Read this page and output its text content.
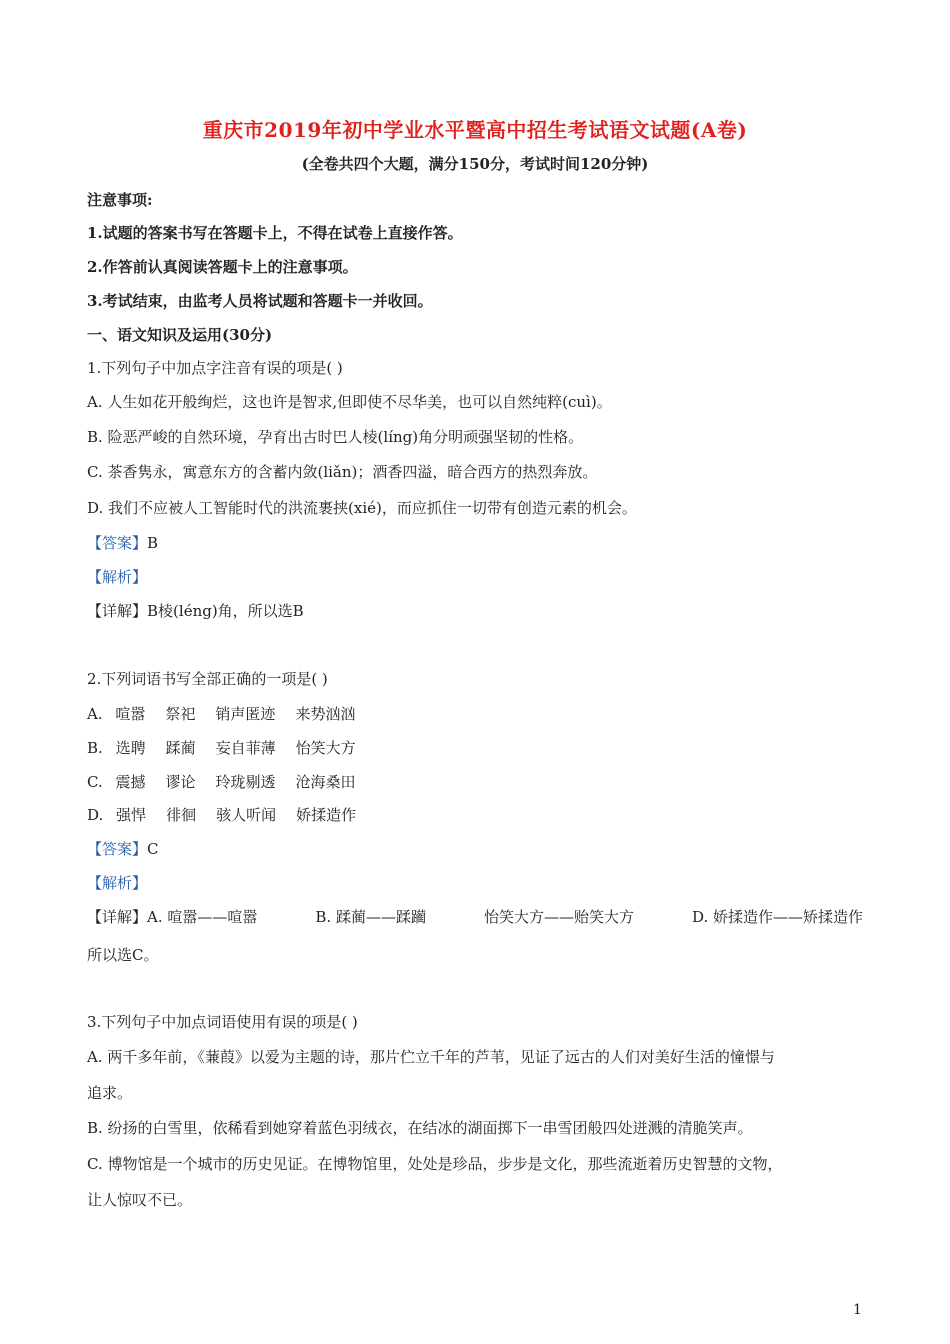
重庆市2019年初中学业水平暨高中招生考试语文试题(A卷)
(全卷共四个大题，满分150分，考试时间120分钟)
注意事项:
1.试题的答案书写在答题卡上，不得在试卷上直接作答。
2.作答前认真阅读答题卡上的注意事项。
3.考试结束，由监考人员将试题和答题卡一并收回。
一、语文知识及运用(30分)
1.下列句子中加点字注音有误的项是( )
A. 人生如花开般绚烂，这也许是智求,但即使不尽华美，也可以自然纯粹(cuì)。
B. 险恶严峻的自然环境，孕育出古时巴人棱(líng)角分明顽强坚韧的性格。
C. 茶香隽永，寓意东方的含蓄内敛(liǎn)；酒香四溢，暗合西方的热烈奔放。
D. 我们不应被人工智能时代的洪流裹挟(xié)，而应抓住一切带有创造元素的机会。
【答案】B
【解析】
【详解】B棱(léng)角，所以选B
2.下列词语书写全部正确的一项是( )
A. 喧嚣 祭祀 销声匿迹 来势汹汹
B. 选聘 蹂蔺 妄自菲薄 怡笑大方
C. 震撼 谬论 玲珑剔透 沧海桑田
D. 强悍 徘徊 骇人听闻 娇揉造作
【答案】C
【解析】
【详解】A. 喧嚣——喧嚣	B. 蹂蔺——蹂躏	怡笑大方——贻笑大方	D. 娇揉造作——矫揉造作
所以选C。
3.下列句子中加点词语使用有误的项是( )
A. 两千多年前，《蒹葭》以爱为主题的诗，那片伫立千年的芦苇，见证了远古的人们对美好生活的憧憬与
追求。
B. 纷扬的白雪里，依稀看到她穿着蓝色羽绒衣，在结冰的湖面掷下一串雪团般四处迸溅的清脆笑声。
C. 博物馆是一个城市的历史见证。在博物馆里，处处是珍品，步步是文化，那些流逝着历史智慧的文物，
让人惊叹不已。
1
